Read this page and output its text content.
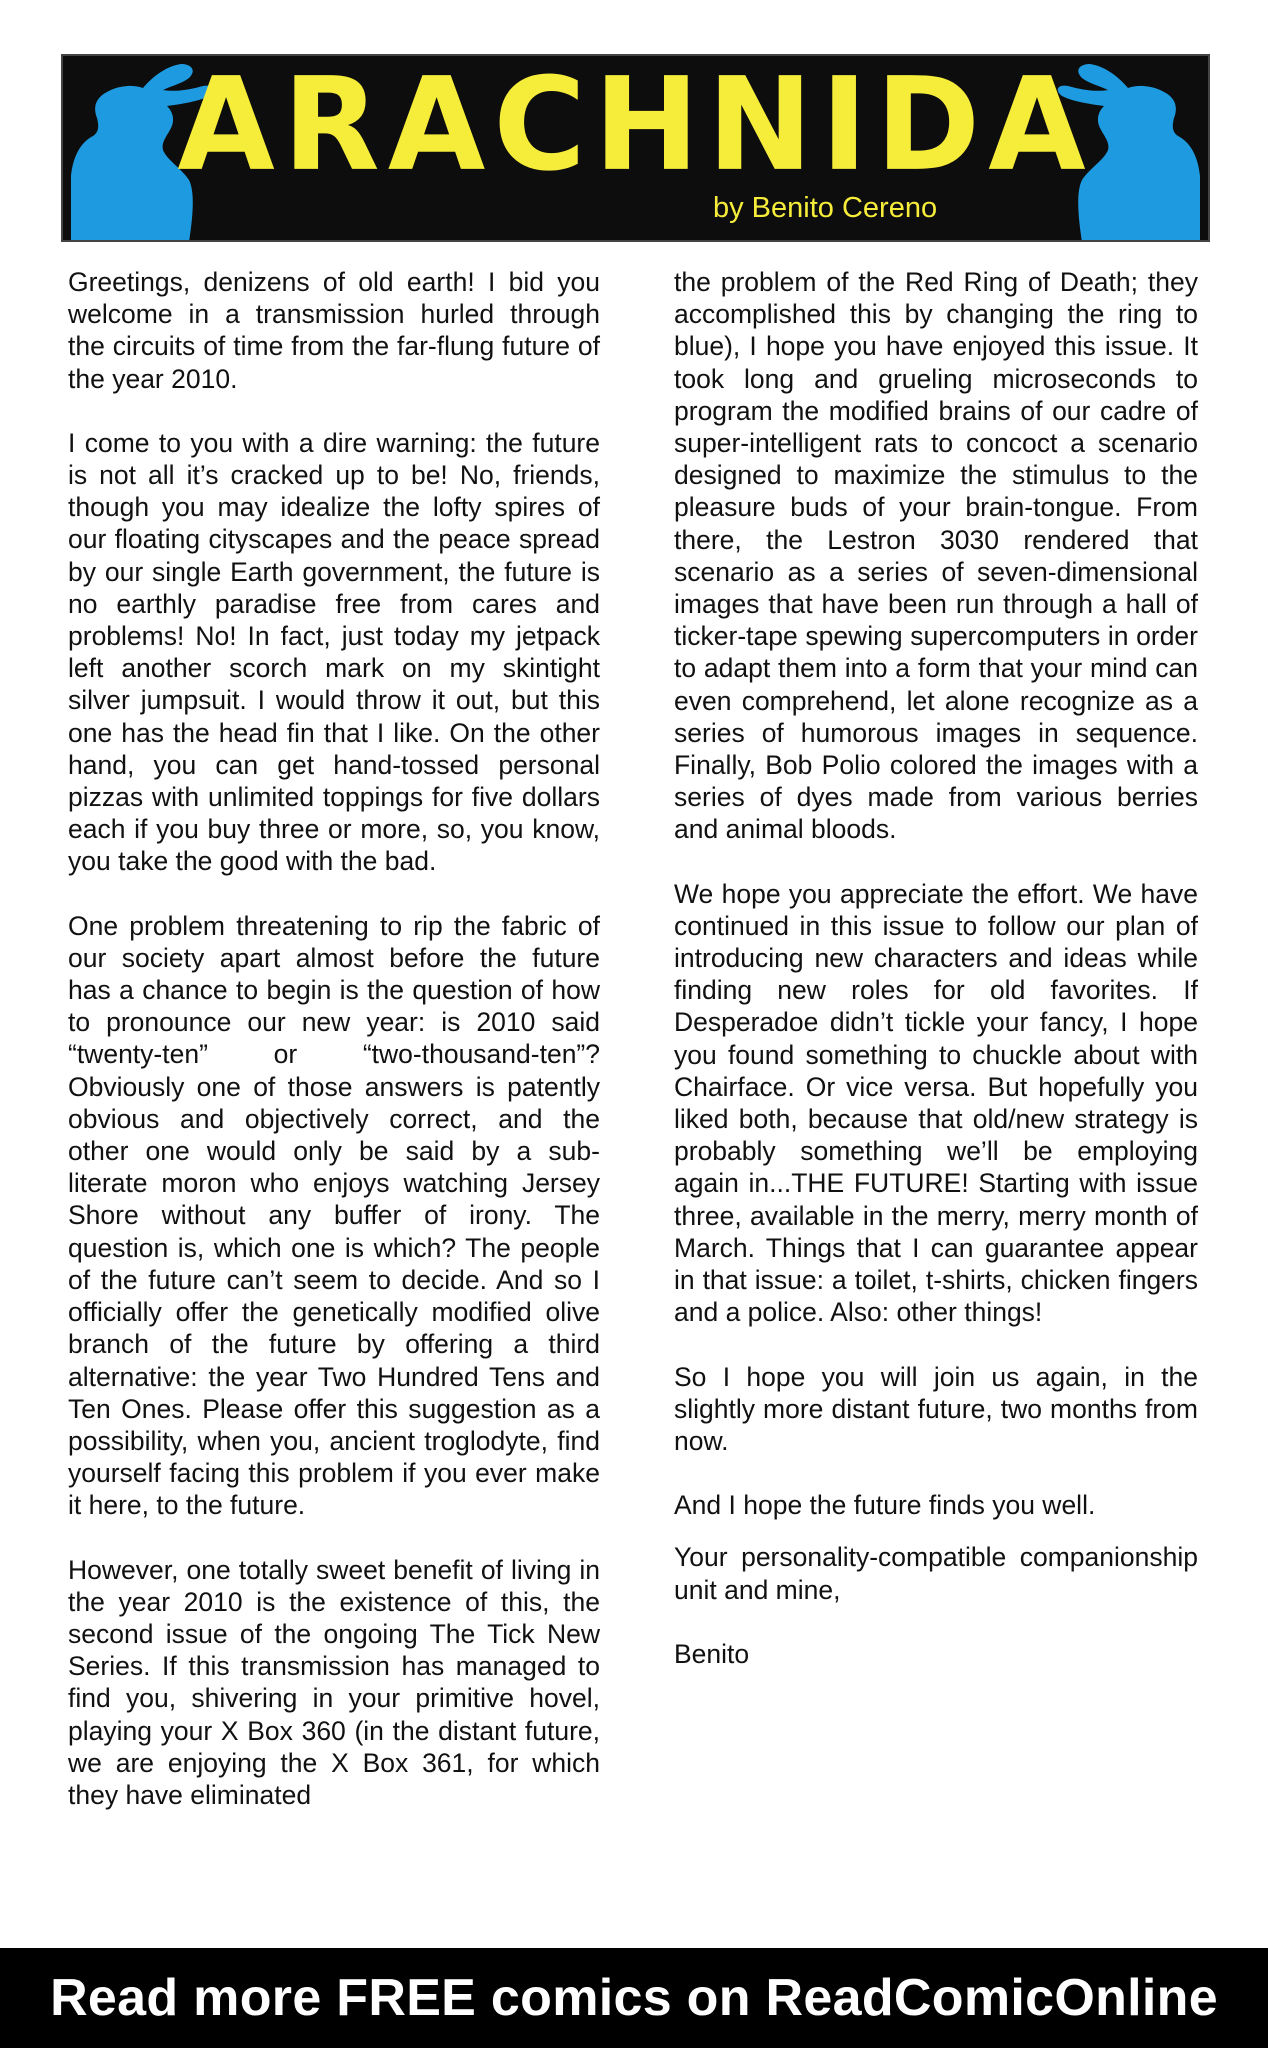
ARACHNIDA
by Benito Cereno

Greetings, denizens of old earth! I bid you welcome in a transmission hurled through the circuits of time from the far-flung future of the year 2010.

I come to you with a dire warning: the future is not all it’s cracked up to be! No, friends, though you may idealize the lofty spires of our floating cityscapes and the peace spread by our single Earth government, the future is no earthly paradise free from cares and problems! No! In fact, just today my jetpack left another scorch mark on my skintight silver jumpsuit. I would throw it out, but this one has the head fin that I like. On the other hand, you can get hand-tossed personal pizzas with unlimited toppings for five dollars each if you buy three or more, so, you know, you take the good with the bad.

One problem threatening to rip the fabric of our society apart almost before the future has a chance to begin is the question of how to pronounce our new year: is 2010 said “twenty-ten” or “two-thousand-ten”? Obviously one of those answers is patently obvious and objectively correct, and the other one would only be said by a sub-literate moron who enjoys watching Jersey Shore without any buffer of irony. The question is, which one is which? The people of the future can’t seem to decide. And so I officially offer the genetically modified olive branch of the future by offering a third alternative: the year Two Hundred Tens and Ten Ones. Please offer this suggestion as a possibility, when you, ancient troglodyte, find yourself facing this problem if you ever make it here, to the future.

However, one totally sweet benefit of living in the year 2010 is the existence of this, the second issue of the ongoing The Tick New Series. If this transmission has managed to find you, shivering in your primitive hovel, playing your X Box 360 (in the distant future, we are enjoying the X Box 361, for which they have eliminated

the problem of the Red Ring of Death; they accomplished this by changing the ring to blue), I hope you have enjoyed this issue. It took long and grueling microseconds to program the modified brains of our cadre of super-intelligent rats to concoct a scenario designed to maximize the stimulus to the pleasure buds of your brain-tongue. From there, the Lestron 3030 rendered that scenario as a series of seven-dimensional images that have been run through a hall of ticker-tape spewing supercomputers in order to adapt them into a form that your mind can even comprehend, let alone recognize as a series of humorous images in sequence. Finally, Bob Polio colored the images with a series of dyes made from various berries and animal bloods.

We hope you appreciate the effort. We have continued in this issue to follow our plan of introducing new characters and ideas while finding new roles for old favorites. If Desperadoe didn’t tickle your fancy, I hope you found something to chuckle about with Chairface. Or vice versa. But hopefully you liked both, because that old/new strategy is probably something we’ll be employing again in...THE FUTURE! Starting with issue three, available in the merry, merry month of March. Things that I can guarantee appear in that issue: a toilet, t-shirts, chicken fingers and a police. Also: other things!

So I hope you will join us again, in the slightly more distant future, two months from now.

And I hope the future finds you well.

Your personality-compatible companionship unit and mine,

Benito

Read more FREE comics on ReadComicOnline
